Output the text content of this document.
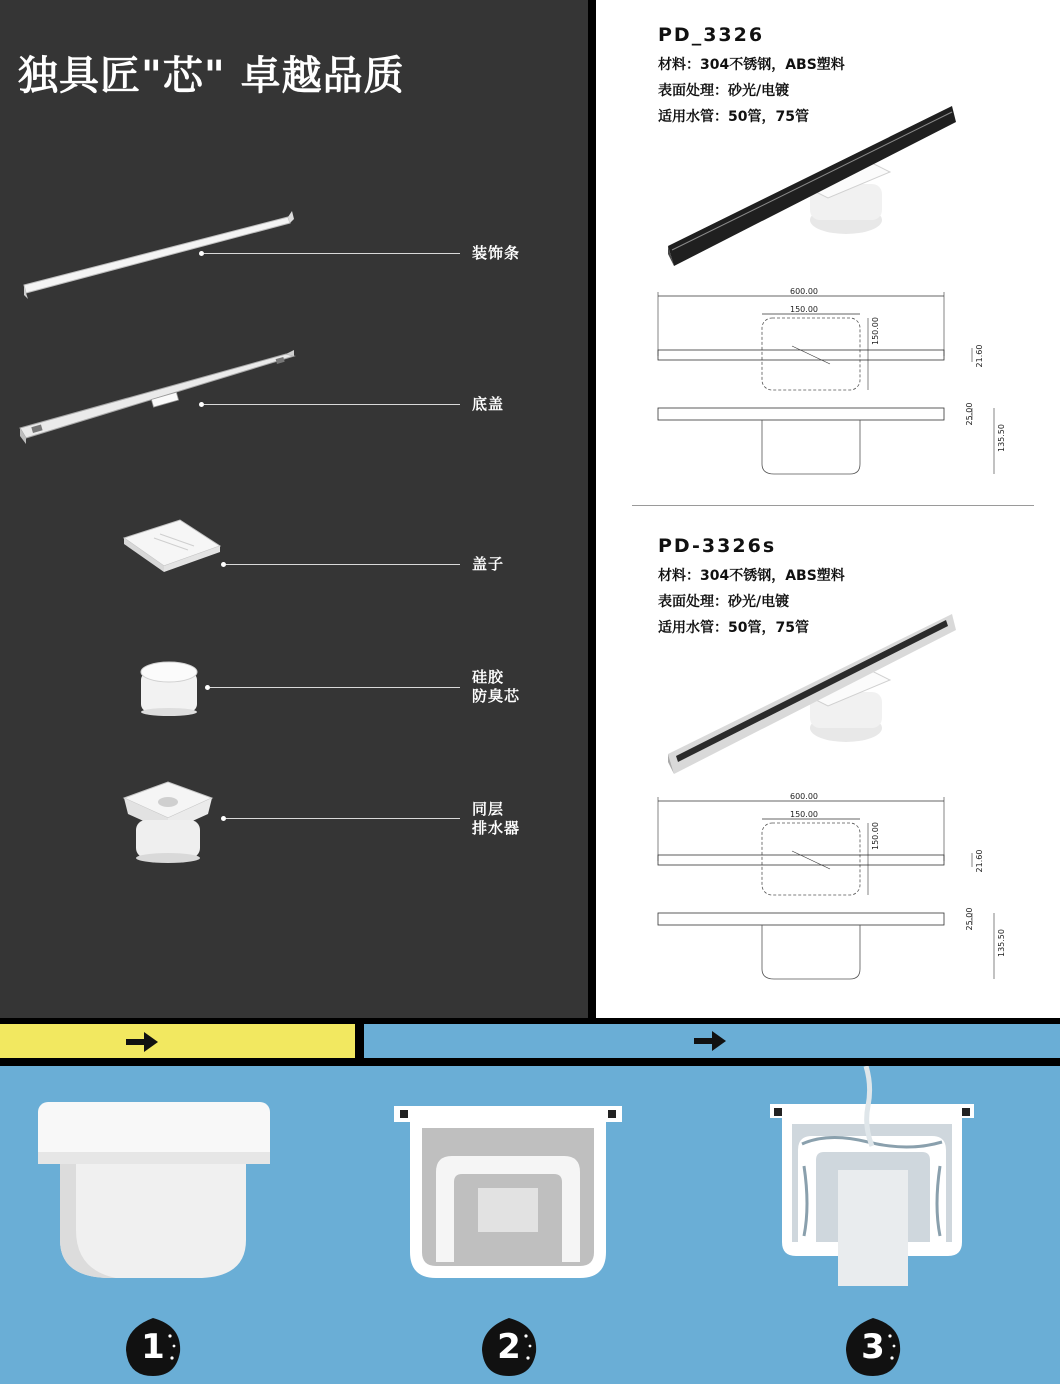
独具匠"芯" 卓越品质
装饰条
底盖
盖子
硅胶
防臭芯
同层
排水器
PD_3326
材料：304不锈钢，ABS塑料
表面处理：砂光/电镀
适用水管：50管，75管
600.00
150.00
150.00
21.60
25.00
135.50
PD-3326s
材料：304不锈钢，ABS塑料
表面处理：砂光/电镀
适用水管：50管，75管
600.00
150.00
150.00
21.60
25.00
135.50
1	2	3
